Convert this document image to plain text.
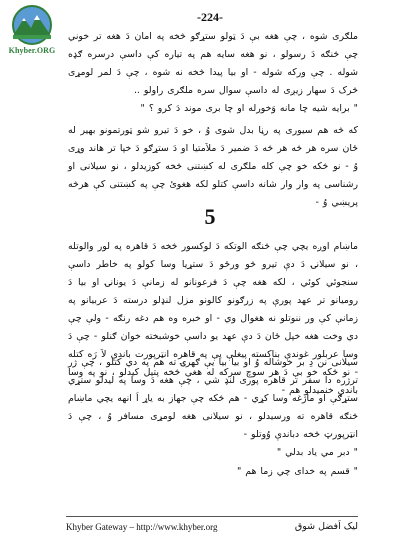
Khyber.ORG
-224-

ملګری شوه ، چې هغه بې دَ ټولو ستړګو څخه په امان دَ هغه تر خوني چې څنګه دَ رسولو ، نو هغه سایه هم په تیاره کې داسې درسره ګډه شوله . چې ورکه شوله - او بیا پیدا څخه نه شوه ، چې دَ لمر لومړی څرک دَ سهار زیږی له داسې سوال سره ملګری راولو ..

" برایه شیه چا مانه وَخورله او چا بری موند دَ کرو ؟ "

که څه هم سیوری په رڼا بدل شوی وُ ، خو دَ تیرو شو ټورتمونو بهیر له ځان سره هر څه هر څه دَ ضمیر دَ ملاَمتیا او دَ ستړګو دَ خپا تر هاند وړی وُ - نو څکه خو چې کله ملګری له کښتنی څخه کوزیدلو ، نو سیلانی او رشناسی په وار وار شانه داسې کتلو لکه هغوئ چې په کښتنی کې هرڅه پریښي وُ -

5

ماښام اوږه یچي چې څنګه الوتکه دَ لوکسور څخه دَ قاهره په لور والوتله ، نو سیلانۍ دَ دې تیرو څو ورځو دَ ستړیا وسا کولو په خاطر داسې سنجوئي کوئي ، لکه هغه چې دَ فرعونانو له زمانې دَ یونانۍ او بیا دَ رومیانو تر عهد پورې په زرګونو کالونو مزل لنډلو درسته دَ عربیانو په زمانې کې ور ننوتلو نه هغوال وي - او خبره وه هم دغه رنګه - ولې چې دي وخت هغه خپل ځان دَ دې عهد یو داسې خوشبخته خوان ګنلو - چې دَ وسا عربلور غوندې بناکسته پیغلې یې په قاهره انټرپورت باندې لاَ رَه کتله - نو څکه خو بې دَ هر سوچ سرکه له هغې څخه پتیل کیدلو ، نو په وسا باندې خنمیدلو هم -

سیلانی نن دِ بر خوشاله وُ او بیا بیا یې ګهرۍ ته هم په دي کتلو ، چې ژر ترژره دا سفر تر قاهره پوری لنډ شي ، چې هغه دَ وسا په لیدلو ستړي ستړګې او ماژغه وسا کړي - هم څکه چې جهاز به یاړ اَ انهه یچي ماښام څنګه قاهره ته ورسیدلو ، نو سیلانی هغه لومړی مسافر وُ ، چې دَ انټرپورټ څخه دباندې وُوتلو -

" دبر مي یاد بدلي "

" قسم په خدای چي زما هم "

Khyber Gateway – http://www.khyber.org	لیک اَفضل شوق
